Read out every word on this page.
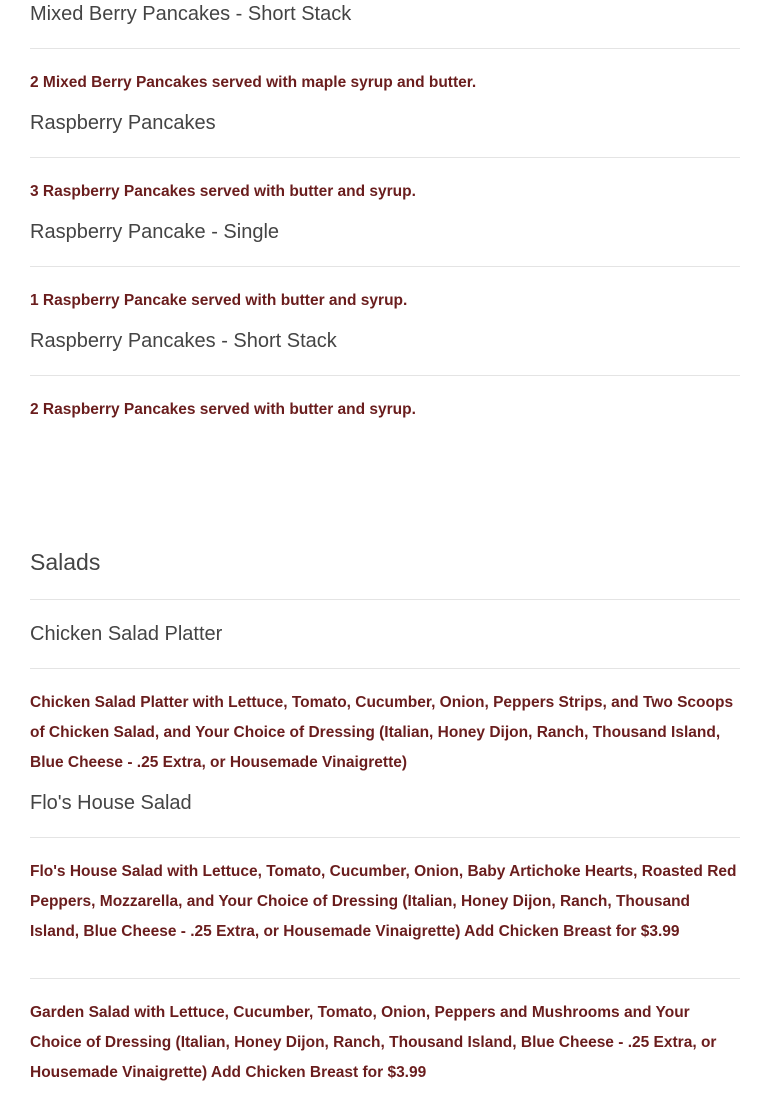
Mixed Berry Pancakes - Short Stack
2 Mixed Berry Pancakes served with maple syrup and butter.
Raspberry Pancakes
3 Raspberry Pancakes served with butter and syrup.
Raspberry Pancake - Single
1 Raspberry Pancake served with butter and syrup.
Raspberry Pancakes - Short Stack
2 Raspberry Pancakes served with butter and syrup.
Salads
Chicken Salad Platter
Chicken Salad Platter with Lettuce, Tomato, Cucumber, Onion, Peppers Strips, and Two Scoops of Chicken Salad, and Your Choice of Dressing (Italian, Honey Dijon, Ranch, Thousand Island, Blue Cheese - .25 Extra, or Housemade Vinaigrette)
Flo's House Salad
Flo's House Salad with Lettuce, Tomato, Cucumber, Onion, Baby Artichoke Hearts, Roasted Red Peppers, Mozzarella, and Your Choice of Dressing (Italian, Honey Dijon, Ranch, Thousand Island, Blue Cheese - .25 Extra, or Housemade Vinaigrette) Add Chicken Breast for $3.99
Garden Salad with Lettuce, Cucumber, Tomato, Onion, Peppers and Mushrooms and Your Choice of Dressing (Italian, Honey Dijon, Ranch, Thousand Island, Blue Cheese - .25 Extra, or Housemade Vinaigrette) Add Chicken Breast for $3.99
